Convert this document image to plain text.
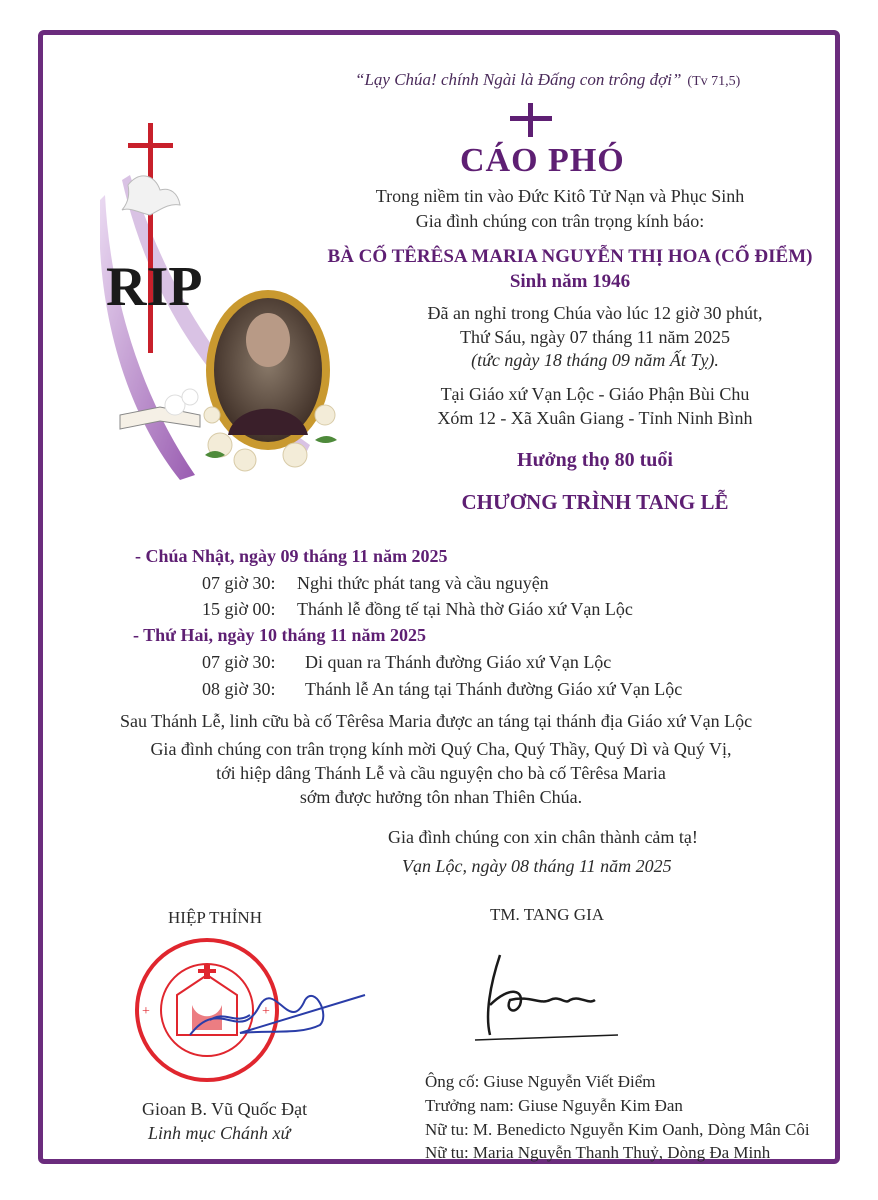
RIP
“Lạy Chúa! chính Ngài là Đấng con trông đợi” (Tv 71,5)
CÁO PHÓ
Trong niềm tin vào Đức Kitô Tử Nạn và Phục Sinh
Gia đình chúng con trân trọng kính báo:
BÀ CỐ TÊRÊSA MARIA NGUYỄN THỊ HOA (CỐ ĐIỂM)
Sinh năm 1946
Đã an nghỉ trong Chúa vào lúc 12 giờ 30 phút,
Thứ Sáu, ngày 07 tháng 11 năm 2025
(tức ngày 18 tháng 09 năm Ất Tỵ).
Tại Giáo xứ Vạn Lộc - Giáo Phận Bùi Chu
Xóm 12 - Xã Xuân Giang - Tỉnh Ninh Bình
Hưởng thọ 80 tuổi
CHƯƠNG TRÌNH TANG LỄ
- Chúa Nhật, ngày 09 tháng 11 năm 2025
07 giờ 30: Nghi thức phát tang và cầu nguyện
15 giờ 00: Thánh lễ đồng tế tại Nhà thờ Giáo xứ Vạn Lộc
- Thứ Hai, ngày 10 tháng 11 năm 2025
07 giờ 30: Di quan ra Thánh đường Giáo xứ Vạn Lộc
08 giờ 30: Thánh lễ An táng tại Thánh đường Giáo xứ Vạn Lộc
Sau Thánh Lễ, linh cữu bà cố Têrêsa Maria được an táng tại thánh địa Giáo xứ Vạn Lộc
Gia đình chúng con trân trọng kính mời Quý Cha, Quý Thầy, Quý Dì và Quý Vị,
tới hiệp dâng Thánh Lễ và cầu nguyện cho bà cố Têrêsa Maria
sớm được hưởng tôn nhan Thiên Chúa.
Gia đình chúng con xin chân thành cảm tạ!
Vạn Lộc, ngày 08 tháng 11 năm 2025
HIỆP THỈNH	TM. TANG GIA
+	+
Gioan B. Vũ Quốc Đạt
Linh mục Chánh xứ
Ông cố: Giuse Nguyễn Viết Điểm
Trưởng nam: Giuse Nguyễn Kim Đan
Nữ tu: M. Benedicto Nguyễn Kim Oanh, Dòng Mân Côi
Nữ tu: Maria Nguyễn Thanh Thuỷ, Dòng Đa Minh
